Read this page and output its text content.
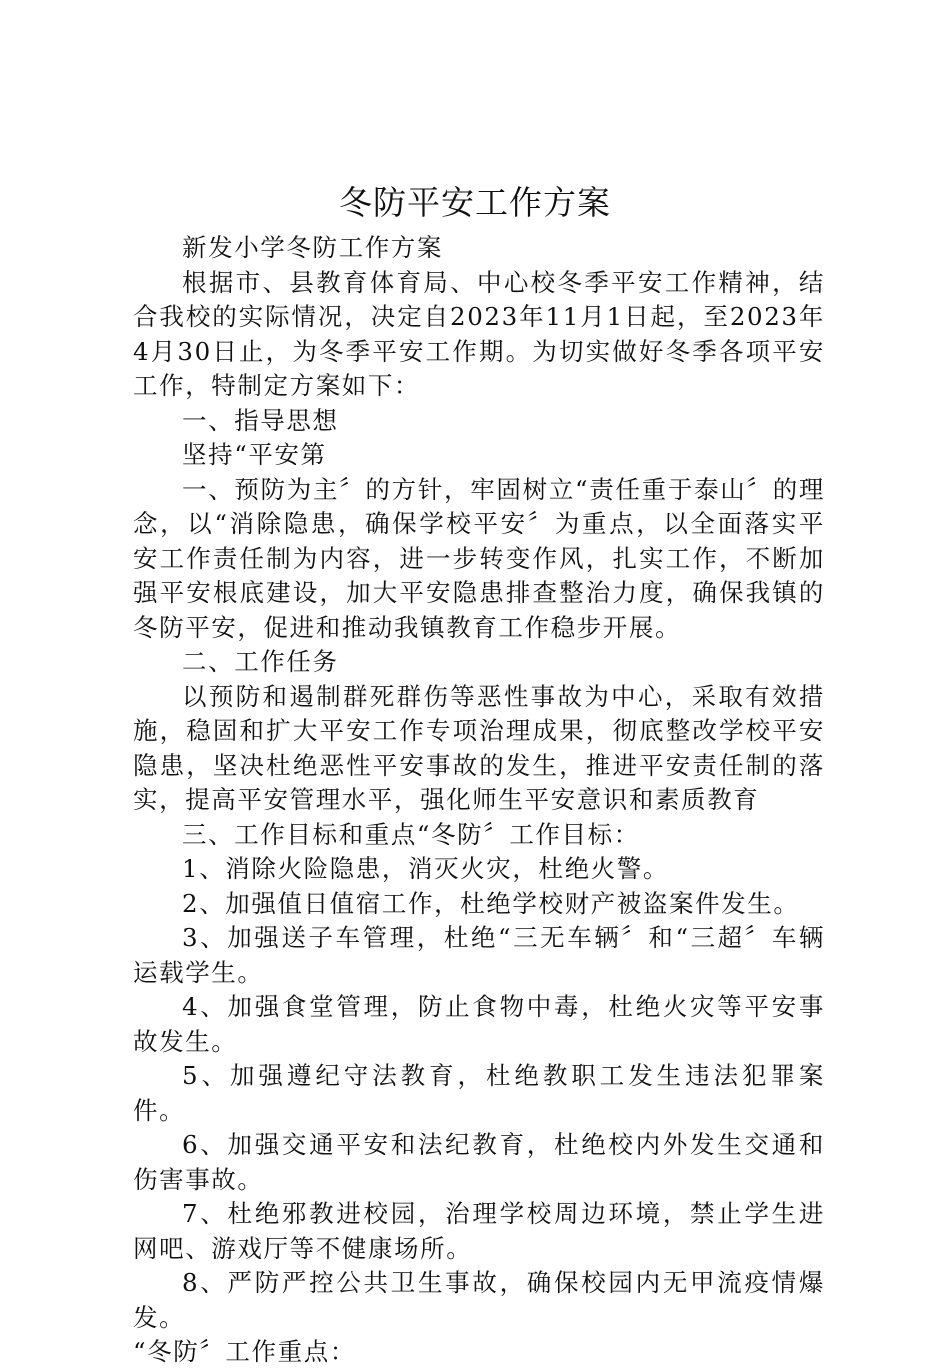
冬防平安工作方案

新发小学冬防工作方案

根据市、县教育体育局、中心校冬季平安工作精神，结合我校的实际情况，决定自2023年11月1日起，至2023年4月30日止，为冬季平安工作期。为切实做好冬季各项平安工作，特制定方案如下：

一、指导思想

坚持“平安第

一、预防为主〞的方针，牢固树立“责任重于泰山〞的理念，以“消除隐患，确保学校平安〞为重点，以全面落实平安工作责任制为内容，进一步转变作风，扎实工作，不断加强平安根底建设，加大平安隐患排查整治力度，确保我镇的冬防平安，促进和推动我镇教育工作稳步开展。

二、工作任务

以预防和遏制群死群伤等恶性事故为中心，采取有效措施，稳固和扩大平安工作专项治理成果，彻底整改学校平安隐患，坚决杜绝恶性平安事故的发生，推进平安责任制的落实，提高平安管理水平，强化师生平安意识和素质教育

三、工作目标和重点“冬防〞工作目标：

1、消除火险隐患，消灭火灾，杜绝火警。

2、加强值日值宿工作，杜绝学校财产被盗案件发生。

3、加强送子车管理，杜绝“三无车辆〞和“三超〞车辆运载学生。

4、加强食堂管理，防止食物中毒，杜绝火灾等平安事故发生。

5、加强遵纪守法教育，杜绝教职工发生违法犯罪案件。

6、加强交通平安和法纪教育，杜绝校内外发生交通和伤害事故。

7、杜绝邪教进校园，治理学校周边环境，禁止学生进网吧、游戏厅等不健康场所。

8、严防严控公共卫生事故，确保校园内无甲流疫情爆发。

“冬防〞工作重点：
